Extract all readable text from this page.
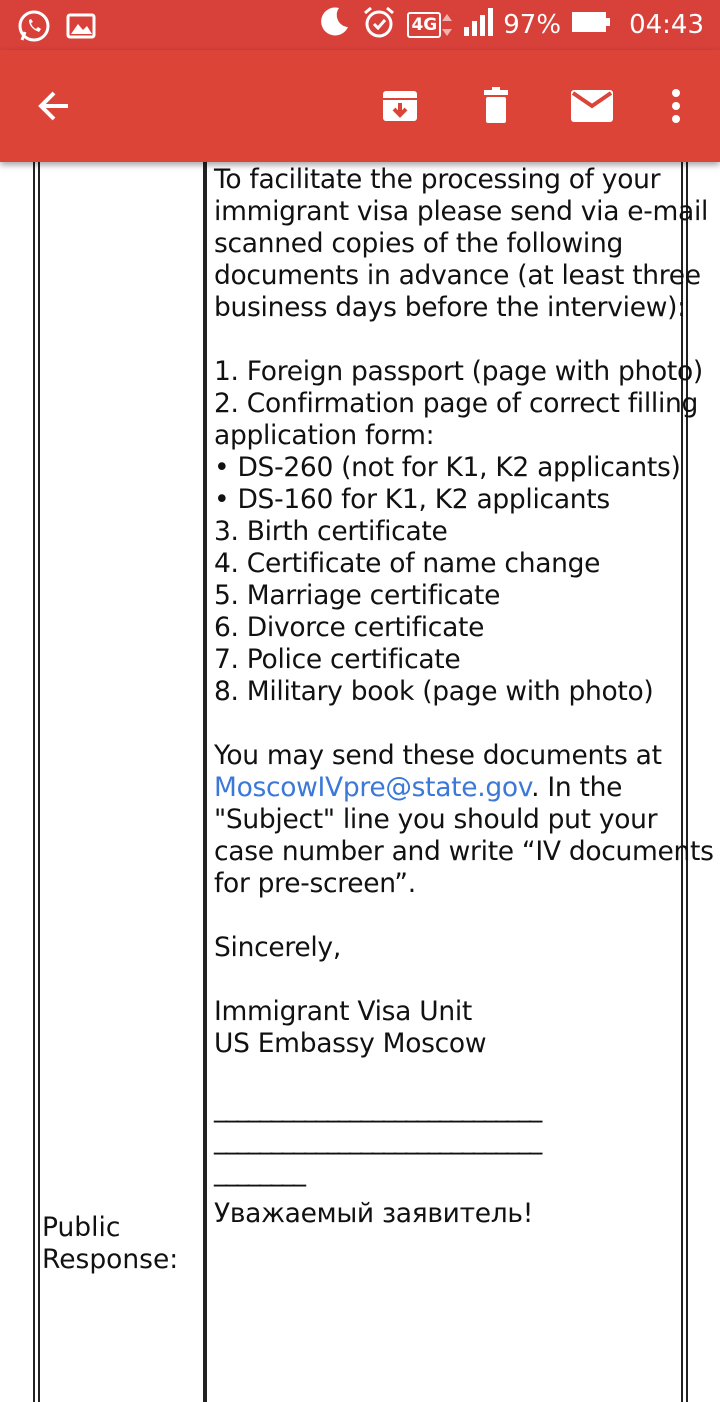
4G	97%	04:43

To facilitate the processing of your
immigrant visa please send via e-mail
scanned copies of the following
documents in advance (at least three
business days before the interview):

1. Foreign passport (page with photo)
2. Confirmation page of correct filling
application form:
• DS-260 (not for K1, K2 applicants)
• DS-160 for K1, K2 applicants
3. Birth certificate
4. Certificate of name change
5. Marriage certificate
6. Divorce certificate
7. Police certificate
8. Military book (page with photo)

You may send these documents at
MoscowIVpre@state.gov. In the
"Subject" line you should put your
case number and write “IV documents
for pre-screen”.

Sincerely,

Immigrant Visa Unit
US Embassy Moscow

_____________________________
_____________________________
________

Уважаемый заявитель!

Public
Response:
